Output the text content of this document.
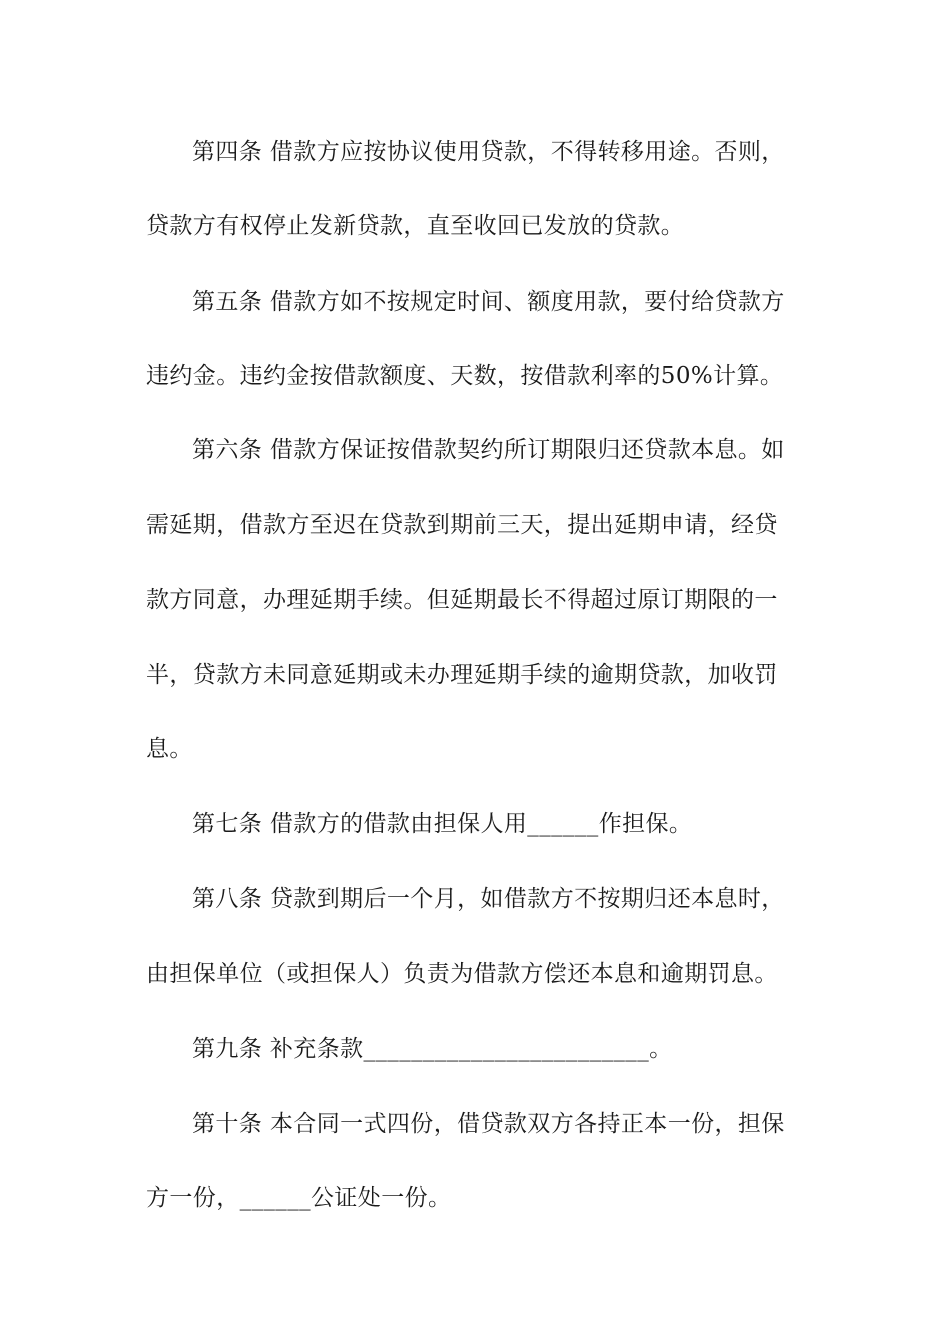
第四条 借款方应按协议使用贷款，不得转移用途。否则，
贷款方有权停止发新贷款，直至收回已发放的贷款。
第五条 借款方如不按规定时间、额度用款，要付给贷款方
违约金。违约金按借款额度、天数，按借款利率的50%计算。
第六条 借款方保证按借款契约所订期限归还贷款本息。如
需延期，借款方至迟在贷款到期前三天，提出延期申请，经贷
款方同意，办理延期手续。但延期最长不得超过原订期限的一
半，贷款方未同意延期或未办理延期手续的逾期贷款，加收罚
息。
第七条 借款方的借款由担保人用______作担保。
第八条 贷款到期后一个月，如借款方不按期归还本息时，
由担保单位（或担保人）负责为借款方偿还本息和逾期罚息。
第九条 补充条款________________________。
第十条 本合同一式四份，借贷款双方各持正本一份，担保
方一份，______公证处一份。
